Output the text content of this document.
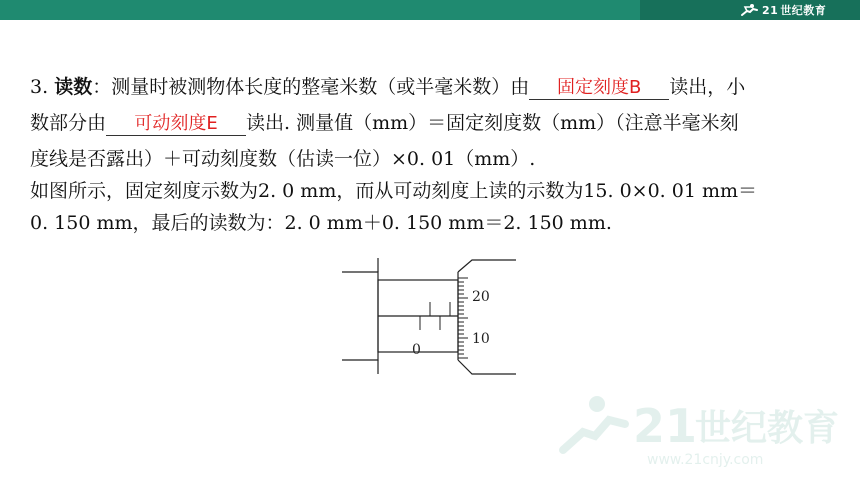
21 世纪教育
3. 读数：测量时被测物体长度的整毫米数（或半毫米数）由 固定刻度B 读出，小
数部分由 可动刻度E 读出. 测量值（mm）＝固定刻度数（mm）（注意半毫米刻
度线是否露出）＋可动刻度数（估读一位）×0. 01（mm）.
如图所示，固定刻度示数为2. 0 mm，而从可动刻度上读的示数为15. 0×0. 01 mm＝
0. 150 mm，最后的读数为：2. 0 mm＋0. 150 mm＝2. 150 mm.
0
20
10
21
世纪教育
www.21cnjy.com
